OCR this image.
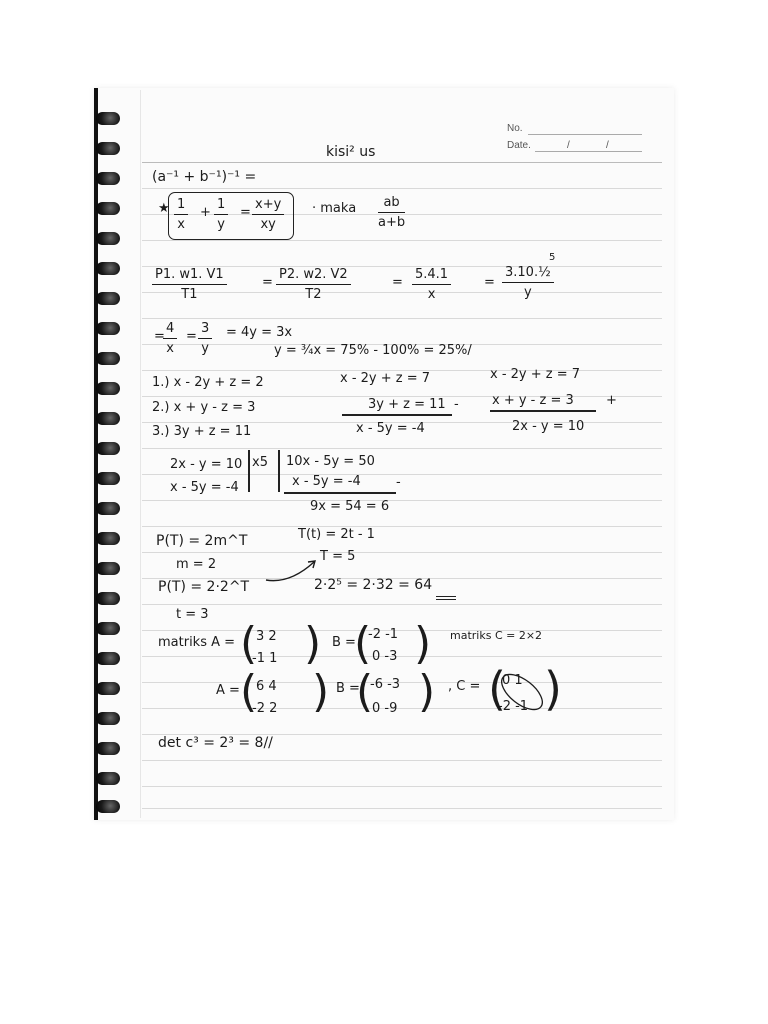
No.
Date.	/	/
kisi² us
(a⁻¹ + b⁻¹)⁻¹ =
★ $\frac{1}{x} + \frac{1}{y} = \frac{x+y}{xy}$ · maka $\frac{ab}{a+b}$
$\frac{P1. w1. V1}{T1}$	= $\frac{P2. w2. V2}{T2}$	= $\frac{5.4.1}{x}$	= $\frac{\text{3.10.½}}{y}$
5
=
$\frac{4}{x} = \frac{3}{y} = 4y = 3x$
y = ¾x = 75% - 100% = 25%/
1.) x - 2y + z = 2
2.) x + y - z = 3
3.) 3y + z = 11
x - 2y + z = 7
3y + z = 11 -
x - 5y = -4
x - 2y + z = 7
x + y - z = 3 +
2x - y = 10
2x - y = 10
x - 5y = -4
x5 10x - 5y = 50
x - 5y = -4	-
9x = 54 = 6
P(T) = 2m^T	T(t) = 2t - 1
m = 2
T = 5
P(T) = 2·2^T	2·2⁵ = 2·32 = 64
t = 3
matriks A = (
3 2
-1 1 ) B =
(
-2 -1
0 -3 ) matriks C = 2×2
A = (
6 4
-2 2 ) B =
(
-6 -3
0 -9 ) , C = (
0 1
-2 -1 )
det c³ = 2³ = 8//
